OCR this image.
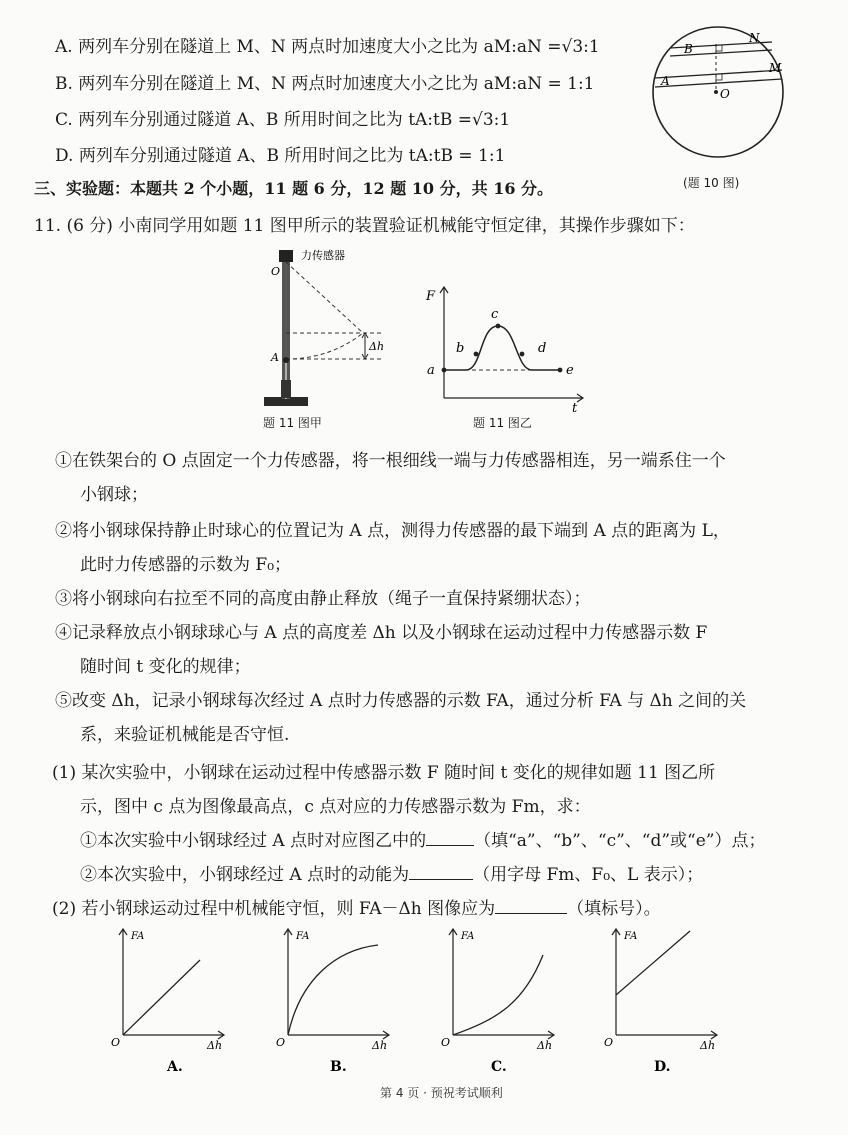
A. 两列车分别在隧道上 M、N 两点时加速度大小之比为 aM:aN =√3:1
B. 两列车分别在隧道上 M、N 两点时加速度大小之比为 aM:aN = 1:1
C. 两列车分别通过隧道 A、B 所用时间之比为 tA:tB =√3:1
D. 两列车分别通过隧道 A、B 所用时间之比为 tA:tB = 1:1
B
N
A
M
O
(题 10 图)
三、实验题：本题共 2 个小题，11 题 6 分，12 题 10 分，共 16 分。
11. (6 分) 小南同学用如题 11 图甲所示的装置验证机械能守恒定律，其操作步骤如下：
力传感器
O
A
Δh
题 11 图甲
F
t
a
b
c
d
e
题 11 图乙
①在铁架台的 O 点固定一个力传感器，将一根细线一端与力传感器相连，另一端系住一个
小钢球；
②将小钢球保持静止时球心的位置记为 A 点，测得力传感器的最下端到 A 点的距离为 L，
此时力传感器的示数为 F₀；
③将小钢球向右拉至不同的高度由静止释放（绳子一直保持紧绷状态）；
④记录释放点小钢球球心与 A 点的高度差 Δh 以及小钢球在运动过程中力传感器示数 F
随时间 t 变化的规律；
⑤改变 Δh，记录小钢球每次经过 A 点时力传感器的示数 FA，通过分析 FA 与 Δh 之间的关
系，来验证机械能是否守恒.
(1) 某次实验中，小钢球在运动过程中传感器示数 F 随时间 t 变化的规律如题 11 图乙所
示，图中 c 点为图像最高点，c 点对应的力传感器示数为 Fm，求：
①本次实验中小钢球经过 A 点时对应图乙中的	（填“a”、“b”、“c”、“d”或“e”）点；
②本次实验中，小钢球经过 A 点时的动能为	（用字母 Fm、F₀、L 表示）；
(2) 若小钢球运动过程中机械能守恒，则 FA－Δh 图像应为	（填标号）。
FA
O	Δh
A.
FA
O	Δh
B.
FA
O	Δh
C.
FA
O	Δh
D.
第 4 页 · 预祝考试顺利
